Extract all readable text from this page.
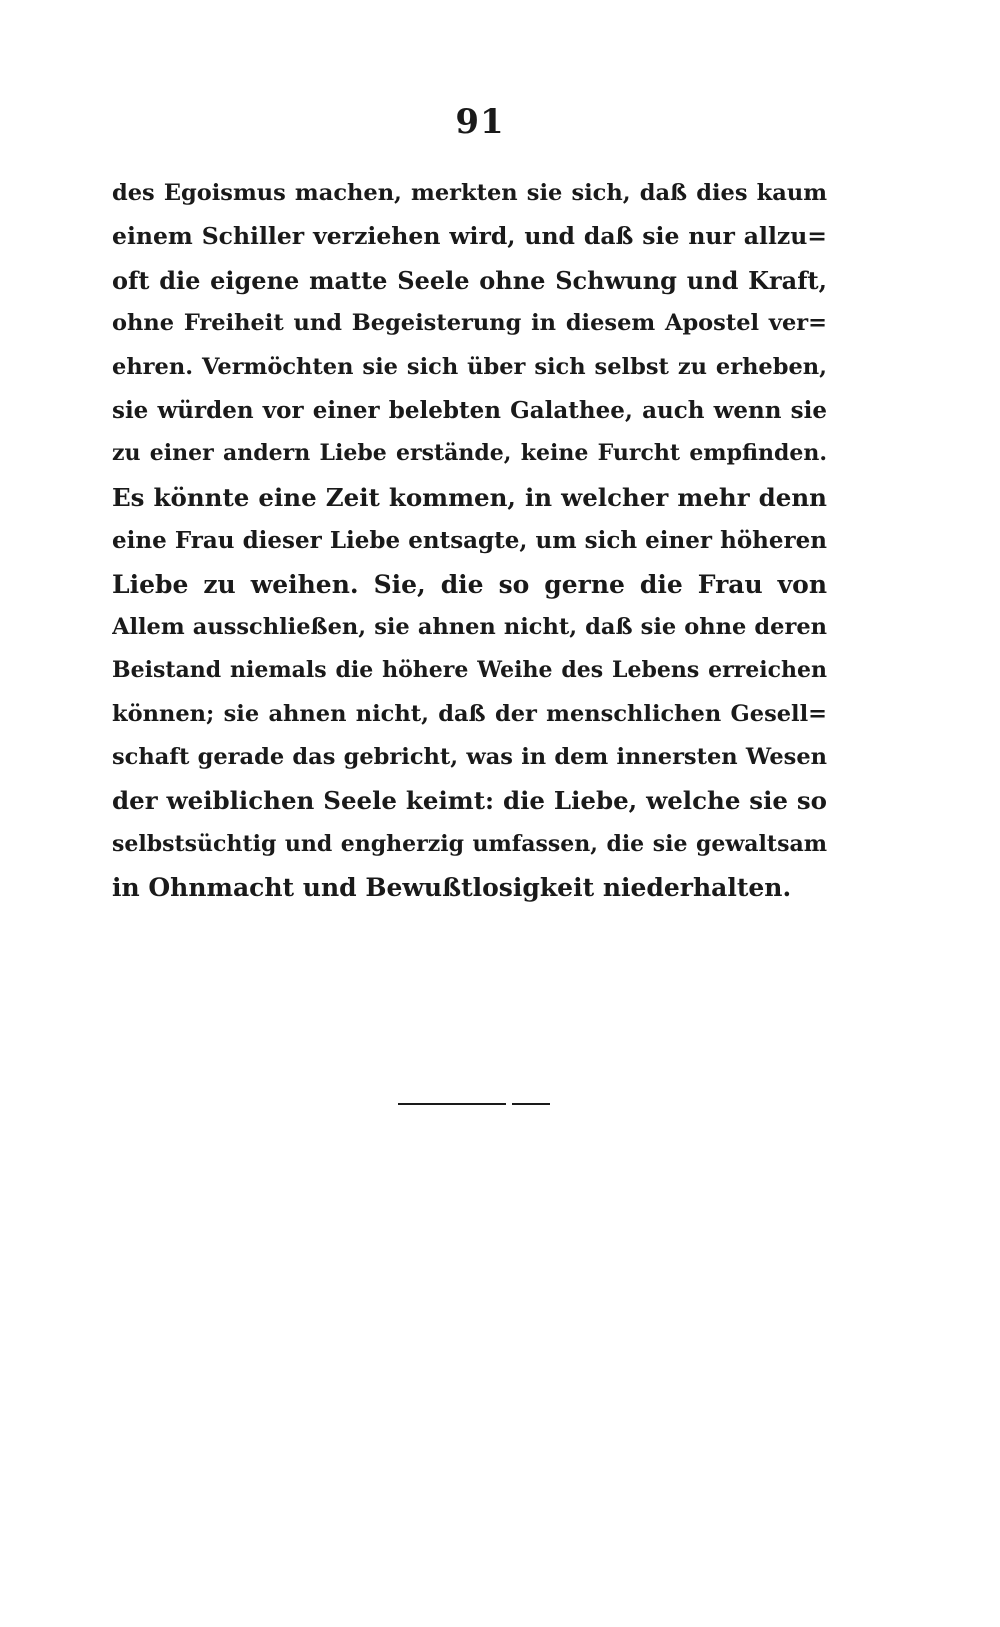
91
des Egoismus machen, merkten sie sich, daß dies kaum
einem Schiller verziehen wird, und daß sie nur allzu=
oft die eigene matte Seele ohne Schwung und Kraft,
ohne Freiheit und Begeisterung in diesem Apostel ver=
ehren. Vermöchten sie sich über sich selbst zu erheben,
sie würden vor einer belebten Galathee, auch wenn sie
zu einer andern Liebe erstände, keine Furcht empfinden.
Es könnte eine Zeit kommen, in welcher mehr denn
eine Frau dieser Liebe entsagte, um sich einer höheren
Liebe zu weihen. Sie, die so gerne die Frau von
Allem ausschließen, sie ahnen nicht, daß sie ohne deren
Beistand niemals die höhere Weihe des Lebens erreichen
können; sie ahnen nicht, daß der menschlichen Gesell=
schaft gerade das gebricht, was in dem innersten Wesen
der weiblichen Seele keimt: die Liebe, welche sie so
selbstsüchtig und engherzig umfassen, die sie gewaltsam
in Ohnmacht und Bewußtlosigkeit niederhalten.
